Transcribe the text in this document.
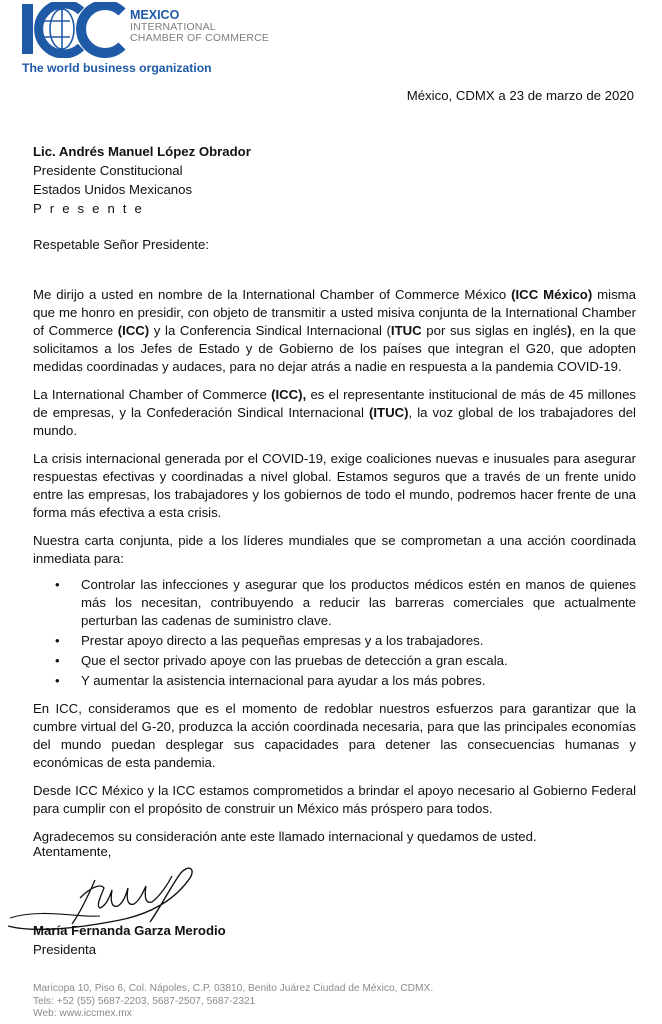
MEXICO
INTERNATIONAL
CHAMBER OF COMMERCE
The world business organization
México, CDMX a 23 de marzo de 2020
Lic. Andrés Manuel López Obrador
Presidente Constitucional
Estados Unidos Mexicanos
Presente
Respetable Señor Presidente:

Me dirijo a usted en nombre de la International Chamber of Commerce México (ICC México) misma que me honro en presidir, con objeto de transmitir a usted misiva conjunta de la International Chamber of Commerce (ICC) y la Conferencia Sindical Internacional (ITUC por sus siglas en inglés), en la que solicitamos a los Jefes de Estado y de Gobierno de los países que integran el G20, que adopten medidas coordinadas y audaces, para no dejar atrás a nadie en respuesta a la pandemia COVID-19.

La International Chamber of Commerce (ICC), es el representante institucional de más de 45 millones de empresas, y la Confederación Sindical Internacional (ITUC), la voz global de los trabajadores del mundo.

La crisis internacional generada por el COVID-19, exige coaliciones nuevas e inusuales para asegurar respuestas efectivas y coordinadas a nivel global. Estamos seguros que a través de un frente unido entre las empresas, los trabajadores y los gobiernos de todo el mundo, podremos hacer frente de una forma más efectiva a esta crisis.

Nuestra carta conjunta, pide a los líderes mundiales que se comprometan a una acción coordinada inmediata para:

• Controlar las infecciones y asegurar que los productos médicos estén en manos de quienes más los necesitan, contribuyendo a reducir las barreras comerciales que actualmente perturban las cadenas de suministro clave.
• Prestar apoyo directo a las pequeñas empresas y a los trabajadores.
• Que el sector privado apoye con las pruebas de detección a gran escala.
• Y aumentar la asistencia internacional para ayudar a los más pobres.

En ICC, consideramos que es el momento de redoblar nuestros esfuerzos para garantizar que la cumbre virtual del G-20, produzca la acción coordinada necesaria, para que las principales economías del mundo puedan desplegar sus capacidades para detener las consecuencias humanas y económicas de esta pandemia.

Desde ICC México y la ICC estamos comprometidos a brindar el apoyo necesario al Gobierno Federal para cumplir con el propósito de construir un México más próspero para todos.

Agradecemos su consideración ante este llamado internacional y quedamos de usted.

Atentamente,
María Fernanda Garza Merodio
Presidenta
Maricopa 10, Piso 6, Col. Nápoles, C.P. 03810, Benito Juárez Ciudad de México, CDMX.
Tels: +52 (55) 5687-2203, 5687-2507, 5687-2321
Web: www.iccmex.mx
